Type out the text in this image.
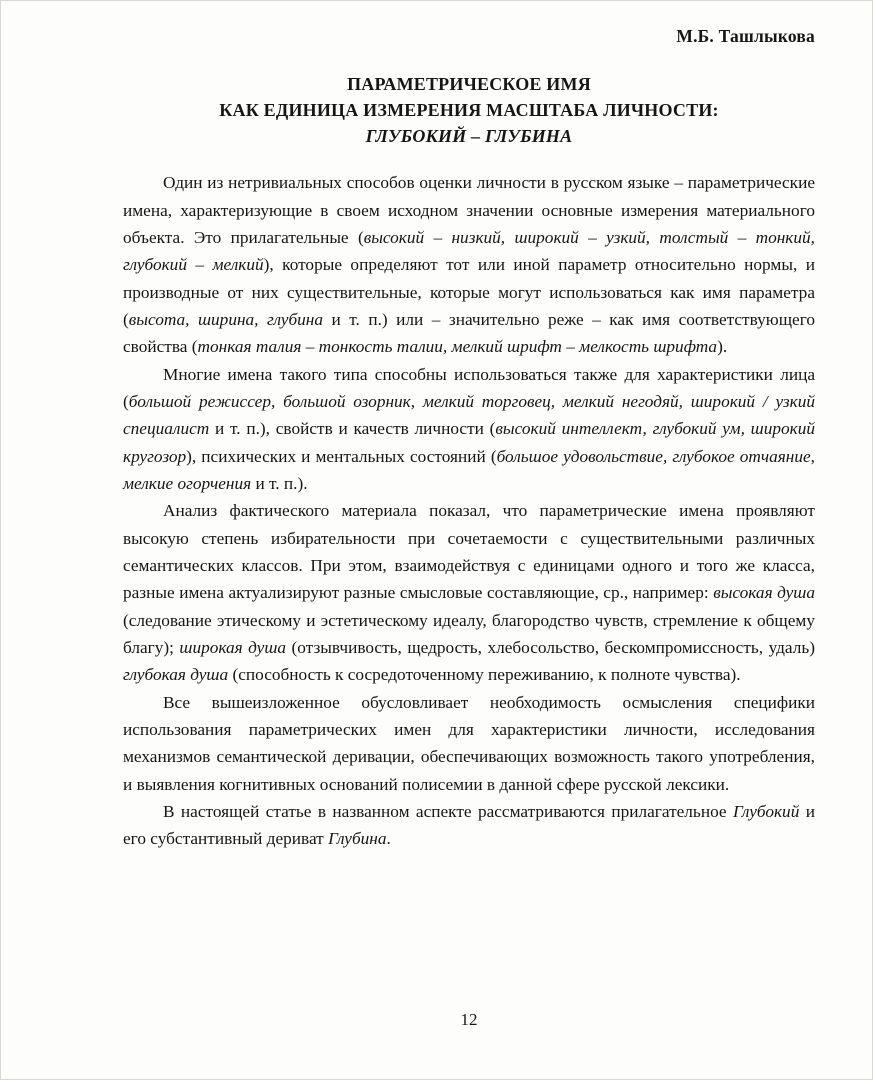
М.Б. Ташлыкова
ПАРАМЕТРИЧЕСКОЕ ИМЯ
КАК ЕДИНИЦА ИЗМЕРЕНИЯ МАСШТАБА ЛИЧНОСТИ:
ГЛУБОКИЙ – ГЛУБИНА

Один из нетривиальных способов оценки личности в русском языке – параметрические имена, характеризующие в своем исходном значении основные измерения материального объекта. Это прилагательные (высокий – низкий, широкий – узкий, толстый – тонкий, глубокий – мелкий), которые определяют тот или иной параметр относительно нормы, и производные от них существительные, которые могут использоваться как имя параметра (высота, ширина, глубина и т. п.) или – значительно реже – как имя соответствующего свойства (тонкая талия – тонкость талии, мелкий шрифт – мелкость шрифта).

Многие имена такого типа способны использоваться также для характеристики лица (большой режиссер, большой озорник, мелкий торговец, мелкий негодяй, широкий / узкий специалист и т. п.), свойств и качеств личности (высокий интеллект, глубокий ум, широкий кругозор), психических и ментальных состояний (большое удовольствие, глубокое отчаяние, мелкие огорчения и т. п.).

Анализ фактического материала показал, что параметрические имена проявляют высокую степень избирательности при сочетаемости с существительными различных семантических классов. При этом, взаимодействуя с единицами одного и того же класса, разные имена актуализируют разные смысловые составляющие, ср., например: высокая душа (следование этическому и эстетическому идеалу, благородство чувств, стремление к общему благу); широкая душа (отзывчивость, щедрость, хлебосольство, бескомпромиссность, удаль) глубокая душа (способность к сосредоточенному переживанию, к полноте чувства).

Все вышеизложенное обусловливает необходимость осмысления специфики использования параметрических имен для характеристики личности, исследования механизмов семантической деривации, обеспечивающих возможность такого употребления, и выявления когнитивных оснований полисемии в данной сфере русской лексики.

В настоящей статье в названном аспекте рассматриваются прилагательное Глубокий и его субстантивный дериват Глубина.

12
